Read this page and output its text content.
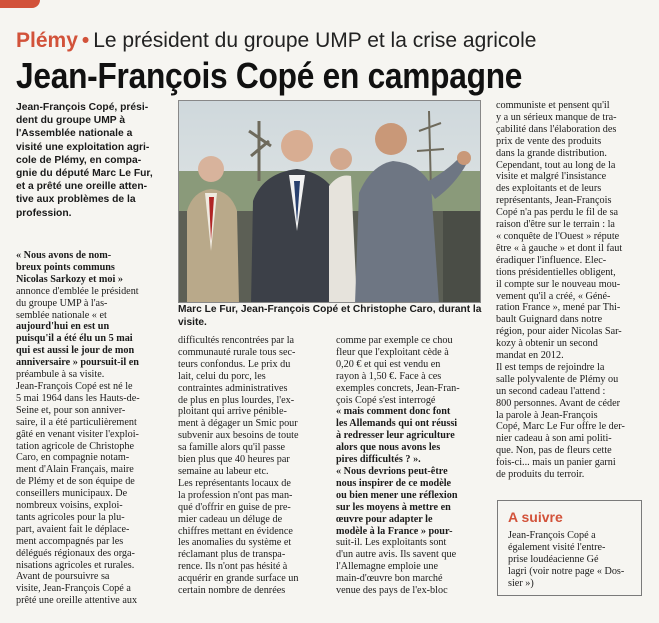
Plémy • Le président du groupe UMP et la crise agricole
Jean-François Copé en campagne
Jean-François Copé, prési-
dent du groupe UMP à
l'Assemblée nationale a
visité une exploitation agri-
cole de Plémy, en compa-
gnie du député Marc Le Fur,
et a prêté une oreille atten-
tive aux problèmes de la
profession.
Marc Le Fur, Jean-François Copé et Christophe Caro, durant la
visite.
« Nous avons de nom-
breux points communs
Nicolas Sarkozy et moi »
annonce d'emblée le président
du groupe UMP à l'as-
semblée nationale « et
aujourd'hui en est un
puisqu'il a été élu un 5 mai
qui est aussi le jour de mon
anniversaire » poursuit-il en
préambule à sa visite.
Jean-François Copé est né le
5 mai 1964 dans les Hauts-de-
Seine et, pour son anniver-
saire, il a été particulièrement
gâté en venant visiter l'exploi-
tation agricole de Christophe
Caro, en compagnie notam-
ment d'Alain Français, maire
de Plémy et de son équipe de
conseillers municipaux. De
nombreux voisins, exploi-
tants agricoles pour la plu-
part, avaient fait le déplace-
ment accompagnés par les
délégués régionaux des orga-
nisations agricoles et rurales.
Avant de poursuivre sa
visite, Jean-François Copé a
prêté une oreille attentive aux
difficultés rencontrées par la
communauté rurale tous sec-
teurs confondus. Le prix du
lait, celui du porc, les
contraintes administratives
de plus en plus lourdes, l'ex-
ploitant qui arrive pénible-
ment à dégager un Smic pour
subvenir aux besoins de toute
sa famille alors qu'il passe
bien plus que 40 heures par
semaine au labeur etc.
Les représentants locaux de
la profession n'ont pas man-
qué d'offrir en guise de pre-
mier cadeau un déluge de
chiffres mettant en évidence
les anomalies du système et
réclamant plus de transpa-
rence. Ils n'ont pas hésité à
acquérir en grande surface un
certain nombre de denrées
comme par exemple ce chou
fleur que l'exploitant cède à
0,20 € et qui est vendu en
rayon à 1,50 €. Face à ces
exemples concrets, Jean-Fran-
çois Copé s'est interrogé
« mais comment donc font
les Allemands qui ont réussi
à redresser leur agriculture
alors que nous avons les
pires difficultés ? ».
« Nous devrions peut-être
nous inspirer de ce modèle
ou bien mener une réflexion
sur les moyens à mettre en
œuvre pour adapter le
modèle à la France » pour-
suit-il. Les exploitants sont
d'un autre avis. Ils savent que
l'Allemagne emploie une
main-d'œuvre bon marché
venue des pays de l'ex-bloc
communiste et pensent qu'il
y a un sérieux manque de tra-
çabilité dans l'élaboration des
prix de vente des produits
dans la grande distribution.
Cependant, tout au long de la
visite et malgré l'insistance
des exploitants et de leurs
représentants, Jean-François
Copé n'a pas perdu le fil de sa
raison d'être sur le terrain : la
« conquête de l'Ouest » répute
être « à gauche » et dont il faut
éradiquer l'influence. Elec-
tions présidentielles obligent,
il compte sur le nouveau mou-
vement qu'il a créé, « Géné-
ration France », mené par Thi-
bault Guignard dans notre
région, pour aider Nicolas Sar-
kozy à obtenir un second
mandat en 2012.
Il est temps de rejoindre la
salle polyvalente de Plémy ou
un second cadeau l'attend :
800 personnes. Avant de céder
la parole à Jean-François
Copé, Marc Le Fur offre le der-
nier cadeau à son ami politi-
que. Non, pas de fleurs cette
fois-ci... mais un panier garni
de produits du terroir.
A suivre
Jean-François Copé a
également visité l'entre-
prise loudéacienne Gé
lagri (voir notre page « Dos-
sier »)
